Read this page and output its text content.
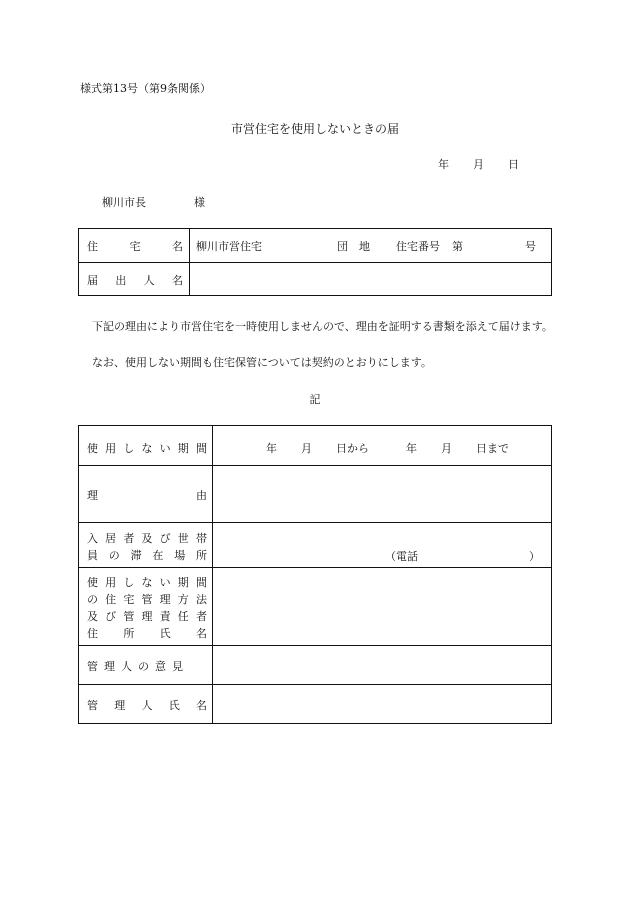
様式第13号（第9条関係）
市営住宅を使用しないときの届
年 月 日
柳川市長	様
住	宅	名 柳川市営住宅	団　地 住宅番号 第	号
届 出 人 名
下記の理由により市営住宅を一時使用しませんので、理由を証明する書類を添えて届けます。
なお、使用しない期間も住宅保管については契約のとおりにします。
記
使 用 し な い 期 間	年 月 日から	年 月 日まで
理	由
入 居 者 及 び 世 帯
員 の 滞 在 場 所	（電話	）
使 用 し な い 期 間
の 住 宅 管 理 方 法
及 び 管 理 責 任 者
住 所 氏 名
管 理 人 の 意 見
管 理 人 氏 名
